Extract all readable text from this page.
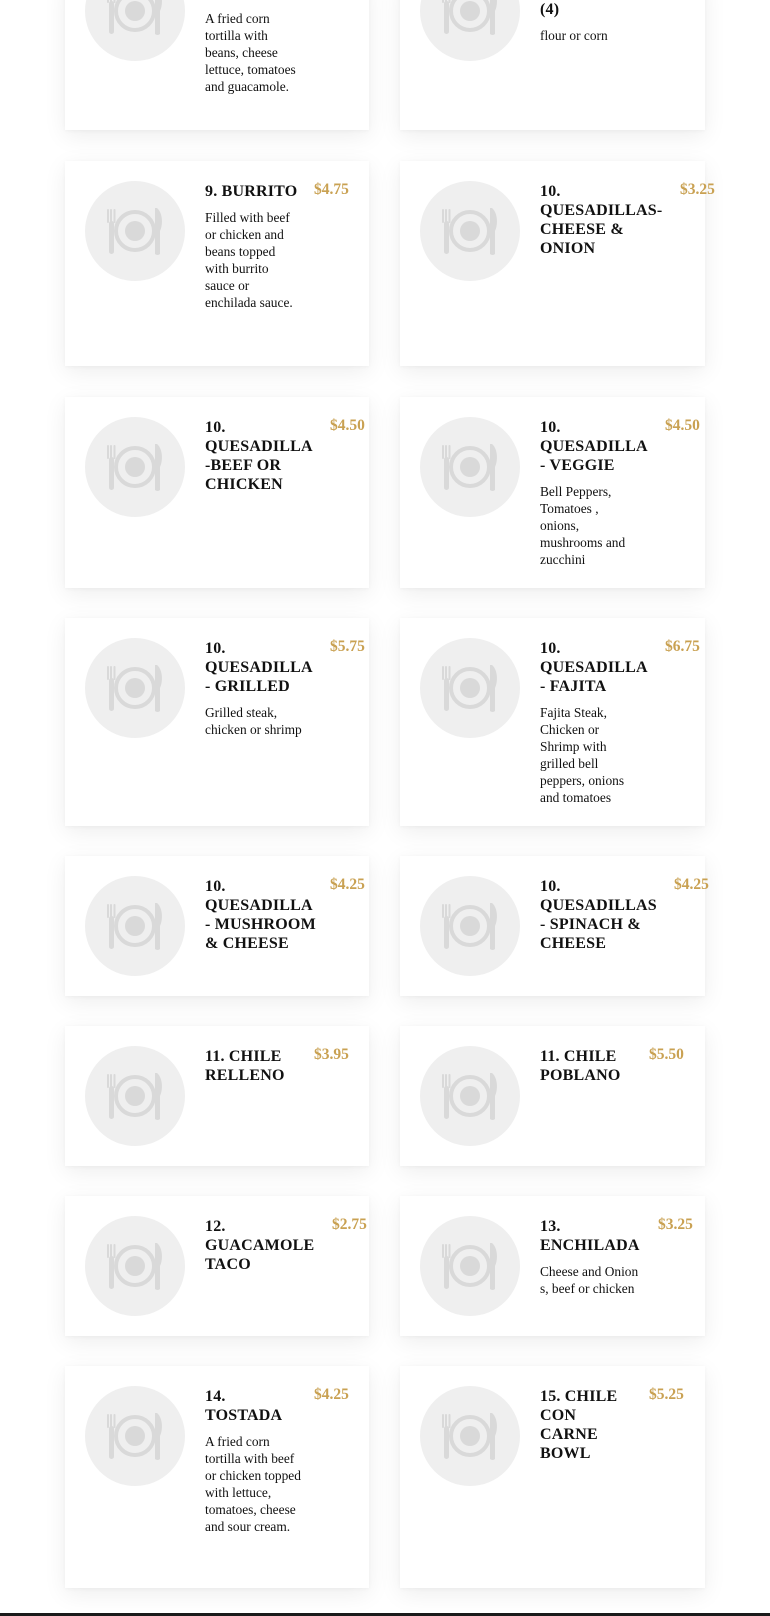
A fried corn tortilla with beans, cheese lettuce, tomatoes and guacamole.
(4)
flour or corn
9. BURRITO
Filled with beef or chicken and beans topped with burrito sauce or enchilada sauce.
$4.75	10. QUESADILLAS-CHEESE & ONION
$3.25
10. QUESADILLA -BEEF OR CHICKEN
$4.50	10. QUESADILLA - VEGGIE
Bell Peppers, Tomatoes , onions, mushrooms and zucchini
$4.50
10. QUESADILLA - GRILLED
Grilled steak, chicken or shrimp
$5.75	10. QUESADILLA - FAJITA
Fajita Steak, Chicken or Shrimp with grilled bell peppers, onions and tomatoes
$6.75
10. QUESADILLA - MUSHROOM & CHEESE
$4.25	10. QUESADILLAS - SPINACH & CHEESE
$4.25
11. CHILE RELLENO
$3.95	11. CHILE POBLANO
$5.50
12. GUACAMOLE TACO
$2.75	13. ENCHILADA
Cheese and Onion s, beef or chicken
$3.25
14. TOSTADA
A fried corn tortilla with beef or chicken topped with lettuce, tomatoes, cheese and sour cream.
$4.25	15. CHILE CON CARNE BOWL
$5.25
